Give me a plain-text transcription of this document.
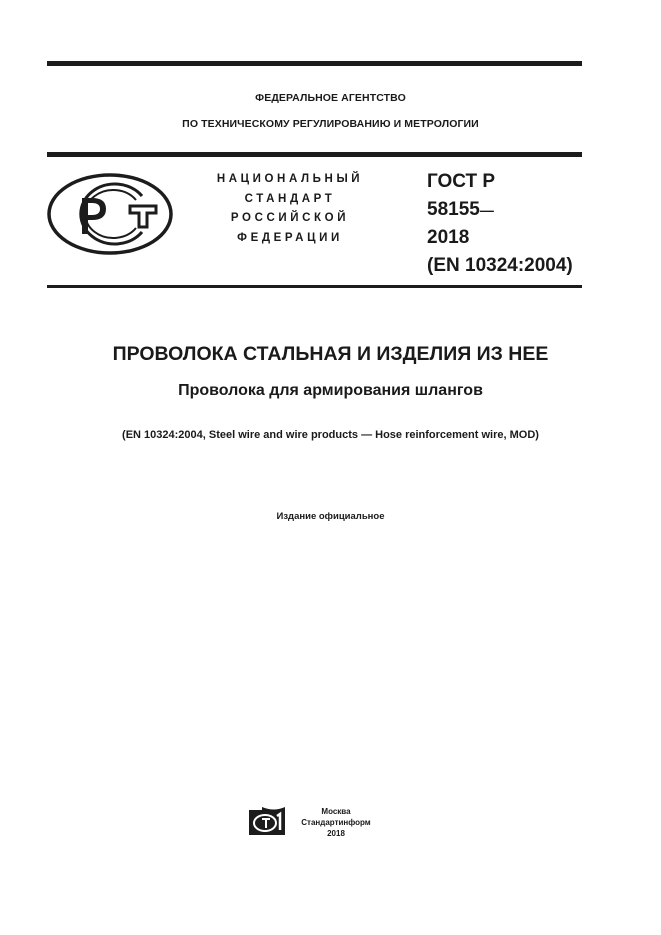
ФЕДЕРАЛЬНОЕ АГЕНТСТВО
ПО ТЕХНИЧЕСКОМУ РЕГУЛИРОВАНИЮ И МЕТРОЛОГИИ
НАЦИОНАЛЬНЫЙ
СТАНДАРТ
РОССИЙСКОЙ
ФЕДЕРАЦИИ
ГОСТ Р
58155—
2018
(EN 10324:2004)
ПРОВОЛОКА СТАЛЬНАЯ И ИЗДЕЛИЯ ИЗ НЕЕ
Проволока для армирования шлангов
(EN 10324:2004, Steel wire and wire products — Hose reinforcement wire, MOD)
Издание официальное
Москва
Стандартинформ
2018
